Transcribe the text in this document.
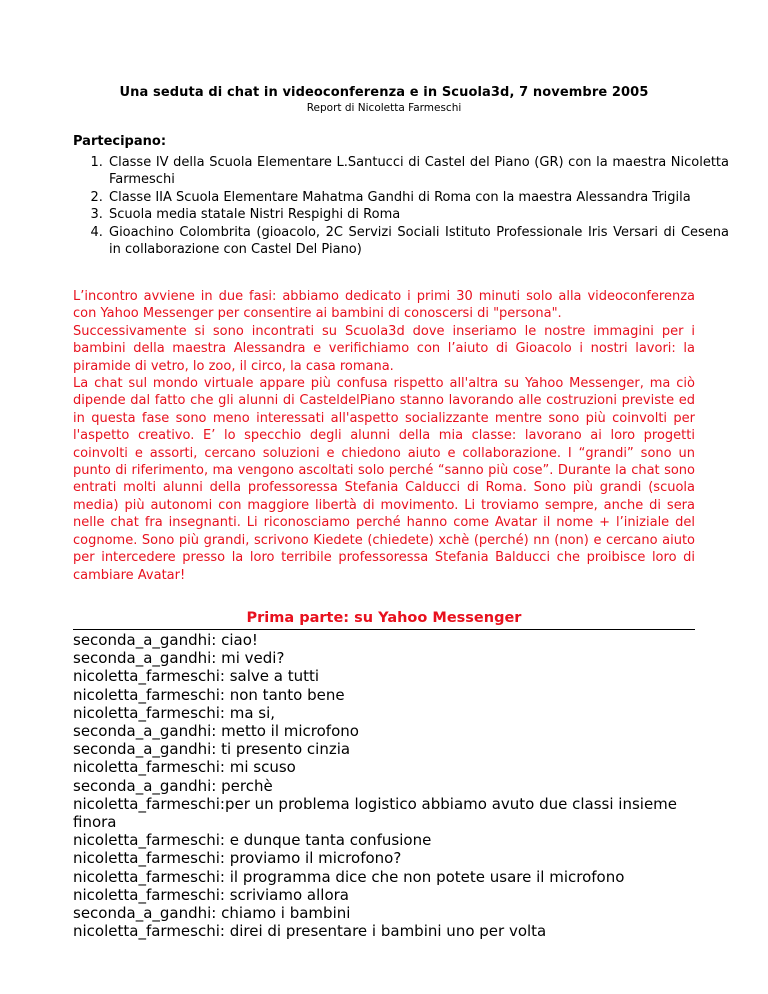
Una seduta di chat in videoconferenza e in Scuola3d, 7 novembre 2005
Report di Nicoletta Farmeschi
Partecipano:
1. Classe IV della Scuola Elementare L.Santucci di Castel del Piano (GR) con la maestra Nicoletta Farmeschi
2. Classe IIA Scuola Elementare Mahatma Gandhi di Roma con la maestra Alessandra Trigila
3. Scuola media statale Nistri Respighi di Roma
4. Gioachino Colombrita (gioacolo, 2C Servizi Sociali Istituto Professionale Iris Versari di Cesena in collaborazione con Castel Del Piano)

L’incontro avviene in due fasi: abbiamo dedicato i primi 30 minuti solo alla videoconferenza con Yahoo Messenger per consentire ai bambini di conoscersi di "persona".

Successivamente si sono incontrati su Scuola3d dove inseriamo le nostre immagini per i bambini della maestra Alessandra e verifichiamo con l’aiuto di Gioacolo i nostri lavori: la piramide di vetro, lo zoo, il circo, la casa romana.

La chat sul mondo virtuale appare più confusa rispetto all'altra su Yahoo Messenger, ma ciò dipende dal fatto che gli alunni di CasteldelPiano stanno lavorando alle costruzioni previste ed in questa fase sono meno interessati all'aspetto socializzante mentre sono più coinvolti per l'aspetto creativo. E’ lo specchio degli alunni della mia classe: lavorano ai loro progetti coinvolti e assorti, cercano soluzioni e chiedono aiuto e collaborazione. I “grandi” sono un punto di riferimento, ma vengono ascoltati solo perché “sanno più cose”. Durante la chat sono entrati molti alunni della professoressa Stefania Calducci di Roma. Sono più grandi (scuola media) più autonomi con maggiore libertà di movimento. Li troviamo sempre, anche di sera nelle chat fra insegnanti. Li riconosciamo perché hanno come Avatar il nome + l’iniziale del cognome. Sono più grandi, scrivono Kiedete (chiedete) xchè (perché) nn (non) e cercano aiuto per intercedere presso la loro terribile professoressa Stefania Balducci che proibisce loro di cambiare Avatar!

Prima parte: su Yahoo Messenger

seconda_a_gandhi: ciao!

seconda_a_gandhi: mi vedi?

nicoletta_farmeschi: salve a tutti

nicoletta_farmeschi: non tanto bene

nicoletta_farmeschi: ma si,

seconda_a_gandhi: metto il microfono

seconda_a_gandhi: ti presento cinzia

nicoletta_farmeschi: mi scuso

seconda_a_gandhi: perchè

nicoletta_farmeschi:per un problema logistico abbiamo avuto due classi insieme finora

nicoletta_farmeschi: e dunque tanta confusione

nicoletta_farmeschi: proviamo il microfono?

nicoletta_farmeschi: il programma dice che non potete usare il microfono

nicoletta_farmeschi: scriviamo allora

seconda_a_gandhi: chiamo i bambini

nicoletta_farmeschi: direi di presentare i bambini uno per volta
